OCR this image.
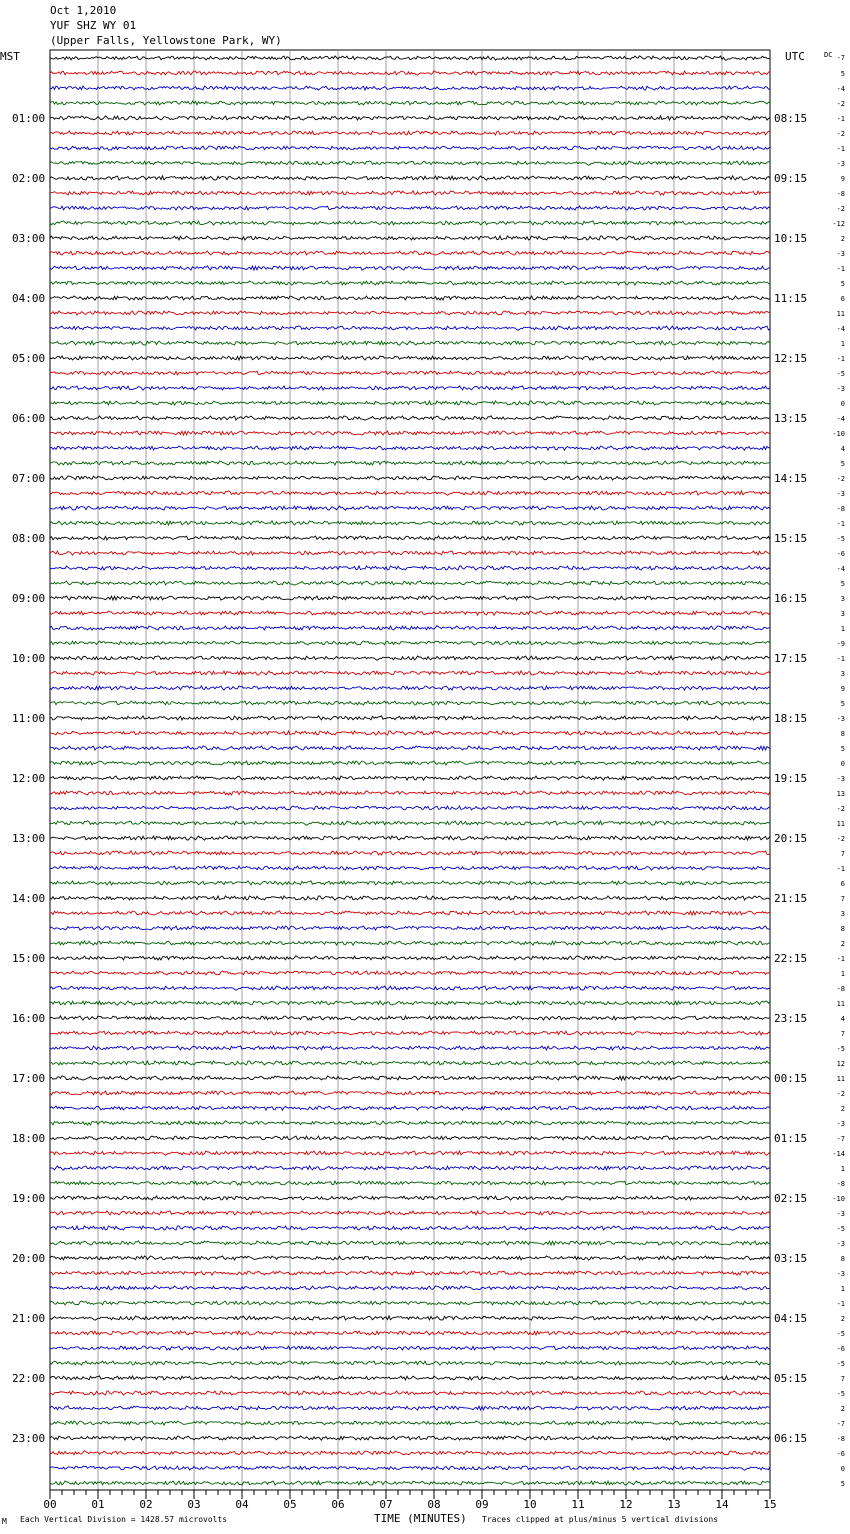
Oct 1,2010
YUF SHZ WY 01
(Upper Falls, Yellowstone Park, WY)
MST	UTC
01:00
02:00
03:00
04:00
05:00
06:00
07:00
08:00
09:00
10:00
11:00
12:00
13:00
14:00
15:00
16:00
17:00
18:00
19:00
20:00
21:00
22:00
23:00
08:15
09:15
10:15
11:15
12:15
13:15
14:15
15:15
16:15
17:15
18:15
19:15
20:15
21:15
22:15
23:15
00:15
01:15
02:15
03:15
04:15
05:15
06:15
DC -7
5
-4
-2
-1
-2
-1
-3
9
-8
-2
-12
2
-3
-1
5
6
11
-4
1
-1
-5
-3
0
-4
-10
4
5
-2
-3
-8
-1
-5
-6
-4
5
3
3
1
-9
-1
3
9
5
-3
8
5
0
-3
13
-2
11
-2
7
-1
6
7
3
8
2
-1
1
-8
11
4
7
-5
12
11
-2
2
-3
-7
-14
1
-8
-10
-3
-5
-3
8
-3
1
-1
2
-5
-6
-5
7
-5
2
-7
-8
-6
0
5
00	01	02	03	04	05	06	07	08	09	10	11	12	13	14	15
M Each Vertical Division = 1428.57 microvolts	TIME (MINUTES) Traces clipped at plus/minus 5 vertical divisions
